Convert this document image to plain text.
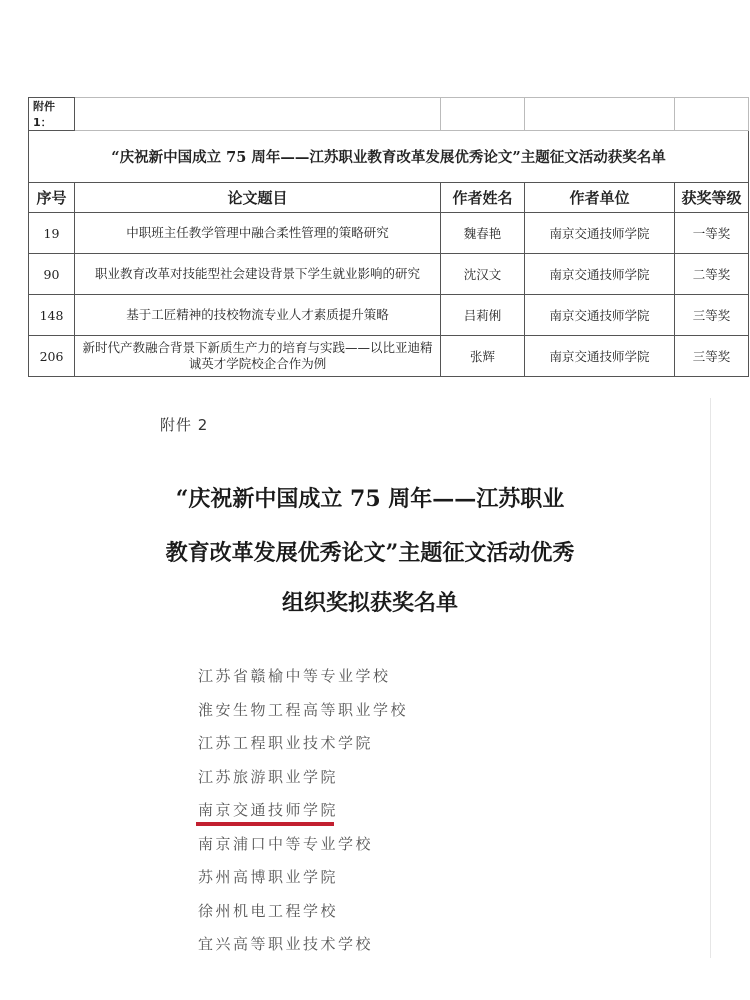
附件1：				
“庆祝新中国成立 75 周年——江苏职业教育改革发展优秀论文”主题征文活动获奖名单				
序号	论文题目	作者姓名	作者单位	获奖等级
19	中职班主任教学管理中融合柔性管理的策略研究	魏春艳	南京交通技师学院	一等奖
90	职业教育改革对技能型社会建设背景下学生就业影响的研究	沈汉文	南京交通技师学院	二等奖
148	基于工匠精神的技校物流专业人才素质提升策略	吕莉俐	南京交通技师学院	三等奖
206	新时代产教融合背景下新质生产力的培育与实践——以比亚迪精诚英才学院校企合作为例	张辉	南京交通技师学院	三等奖
附件 2
“庆祝新中国成立 75 周年——江苏职业
教育改革发展优秀论文”主题征文活动优秀
组织奖拟获奖名单
江苏省赣榆中等专业学校
淮安生物工程高等职业学校
江苏工程职业技术学院
江苏旅游职业学院
南京交通技师学院
南京浦口中等专业学校
苏州高博职业学院
徐州机电工程学校
宜兴高等职业技术学校
